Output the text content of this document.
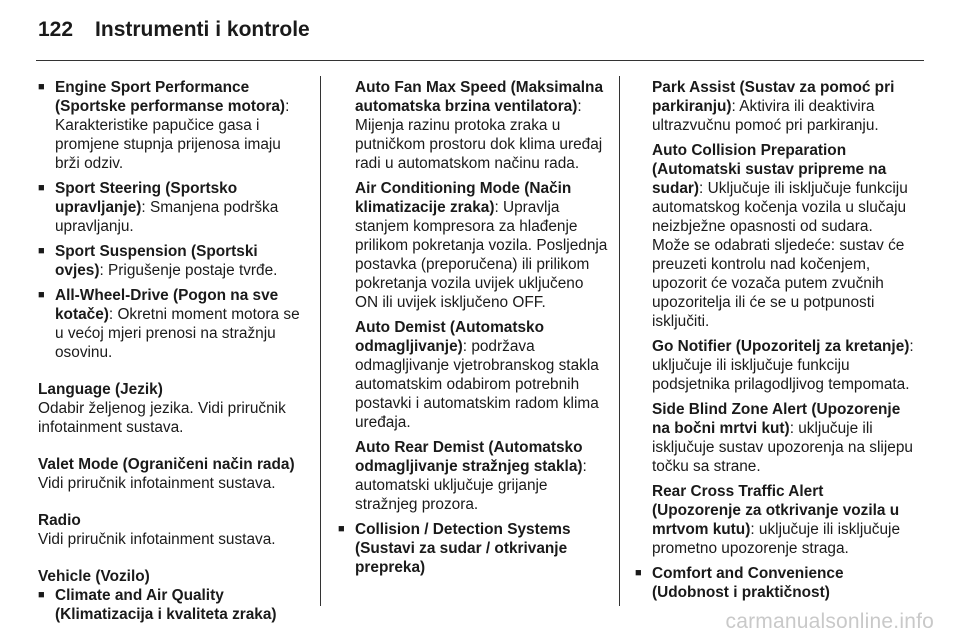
122 Instrumenti i kontrole
■ Engine Sport Performance (Sportske performanse motora): Karakteristike papučice gasa i promjene stupnja prijenosa imaju brži odziv.
■ Sport Steering (Sportsko upravljanje): Smanjena podrška upravljanju.
■ Sport Suspension (Sportski ovjes): Prigušenje postaje tvrđe.
■ All-Wheel-Drive (Pogon na sve kotače): Okretni moment motora se u većoj mjeri prenosi na stražnju osovinu.
Language (Jezik)
Odabir željenog jezika. Vidi priručnik infotainment sustava.
Valet Mode (Ograničeni način rada)
Vidi priručnik infotainment sustava.
Radio
Vidi priručnik infotainment sustava.
Vehicle (Vozilo)
■ Climate and Air Quality (Klimatizacija i kvaliteta zraka)
Auto Fan Max Speed (Maksimalna automatska brzina ventilatora): Mijenja razinu protoka zraka u putničkom prostoru dok klima uređaj radi u automatskom načinu rada.
Air Conditioning Mode (Način klimatizacije zraka): Upravlja stanjem kompresora za hlađenje prilikom pokretanja vozila. Posljednja postavka (preporučena) ili prilikom pokretanja vozila uvijek uključeno ON ili uvijek isključeno OFF.
Auto Demist (Automatsko odmagljivanje): podržava odmagljivanje vjetrobranskog stakla automatskim odabirom potrebnih postavki i automatskim radom klima uređaja.
Auto Rear Demist (Automatsko odmagljivanje stražnjeg stakla): automatski uključuje grijanje stražnjeg prozora.
■ Collision / Detection Systems (Sustavi za sudar / otkrivanje prepreka)
Park Assist (Sustav za pomoć pri parkiranju): Aktivira ili deaktivira ultrazvučnu pomoć pri parkiranju.
Auto Collision Preparation (Automatski sustav pripreme na sudar): Uključuje ili isključuje funkciju automatskog kočenja vozila u slučaju neizbježne opasnosti od sudara. Može se odabrati sljedeće: sustav će preuzeti kontrolu nad kočenjem, upozorit će vozača putem zvučnih upozoritelja ili će se u potpunosti isključiti.
Go Notifier (Upozoritelj za kretanje): uključuje ili isključuje funkciju podsjetnika prilagodljivog tempomata.
Side Blind Zone Alert (Upozorenje na bočni mrtvi kut): uključuje ili isključuje sustav upozorenja na slijepu točku sa strane.
Rear Cross Traffic Alert (Upozorenje za otkrivanje vozila u mrtvom kutu): uključuje ili isključuje prometno upozorenje straga.
■ Comfort and Convenience (Udobnost i praktičnost)
carmanualsonline.info
